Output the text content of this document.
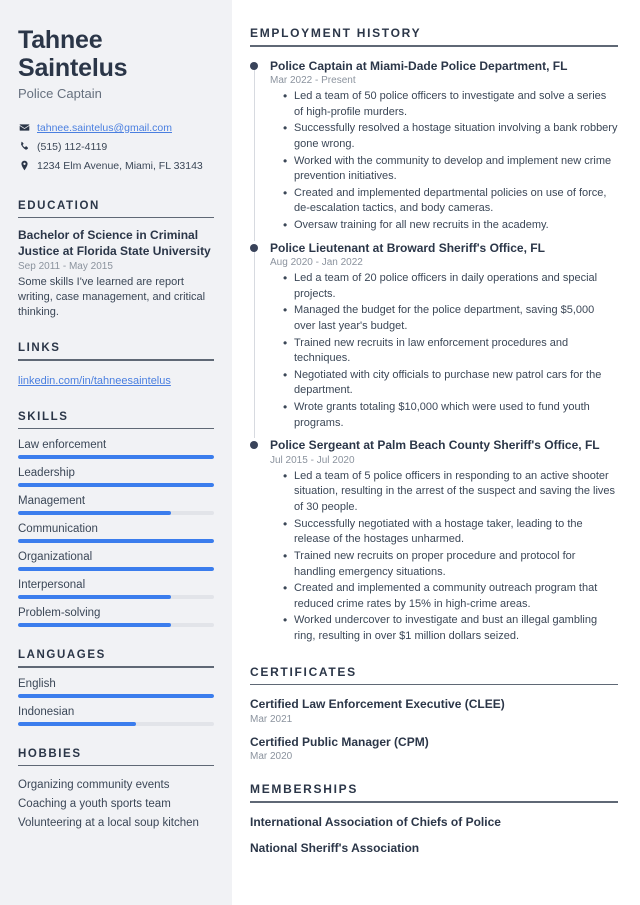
Tahnee Saintelus
Police Captain
tahnee.saintelus@gmail.com
(515) 112-4119
1234 Elm Avenue, Miami, FL 33143
EDUCATION
Bachelor of Science in Criminal Justice at Florida State University
Sep 2011 - May 2015
Some skills I've learned are report writing, case management, and critical thinking.
LINKS
linkedin.com/in/tahneesaintelus
SKILLS
Law enforcement
Leadership
Management
Communication
Organizational
Interpersonal
Problem-solving
LANGUAGES
English
Indonesian
HOBBIES
Organizing community events
Coaching a youth sports team
Volunteering at a local soup kitchen
EMPLOYMENT HISTORY
Police Captain at Miami-Dade Police Department, FL
Mar 2022 - Present
• Led a team of 50 police officers to investigate and solve a series of high-profile murders.
• Successfully resolved a hostage situation involving a bank robbery gone wrong.
• Worked with the community to develop and implement new crime prevention initiatives.
• Created and implemented departmental policies on use of force, de-escalation tactics, and body cameras.
• Oversaw training for all new recruits in the academy.
Police Lieutenant at Broward Sheriff's Office, FL
Aug 2020 - Jan 2022
• Led a team of 20 police officers in daily operations and special projects.
• Managed the budget for the police department, saving $5,000 over last year's budget.
• Trained new recruits in law enforcement procedures and techniques.
• Negotiated with city officials to purchase new patrol cars for the department.
• Wrote grants totaling $10,000 which were used to fund youth programs.
Police Sergeant at Palm Beach County Sheriff's Office, FL
Jul 2015 - Jul 2020
• Led a team of 5 police officers in responding to an active shooter situation, resulting in the arrest of the suspect and saving the lives of 30 people.
• Successfully negotiated with a hostage taker, leading to the release of the hostages unharmed.
• Trained new recruits on proper procedure and protocol for handling emergency situations.
• Created and implemented a community outreach program that reduced crime rates by 15% in high-crime areas.
• Worked undercover to investigate and bust an illegal gambling ring, resulting in over $1 million dollars seized.
CERTIFICATES
Certified Law Enforcement Executive (CLEE)
Mar 2021
Certified Public Manager (CPM)
Mar 2020
MEMBERSHIPS
International Association of Chiefs of Police
National Sheriff's Association
